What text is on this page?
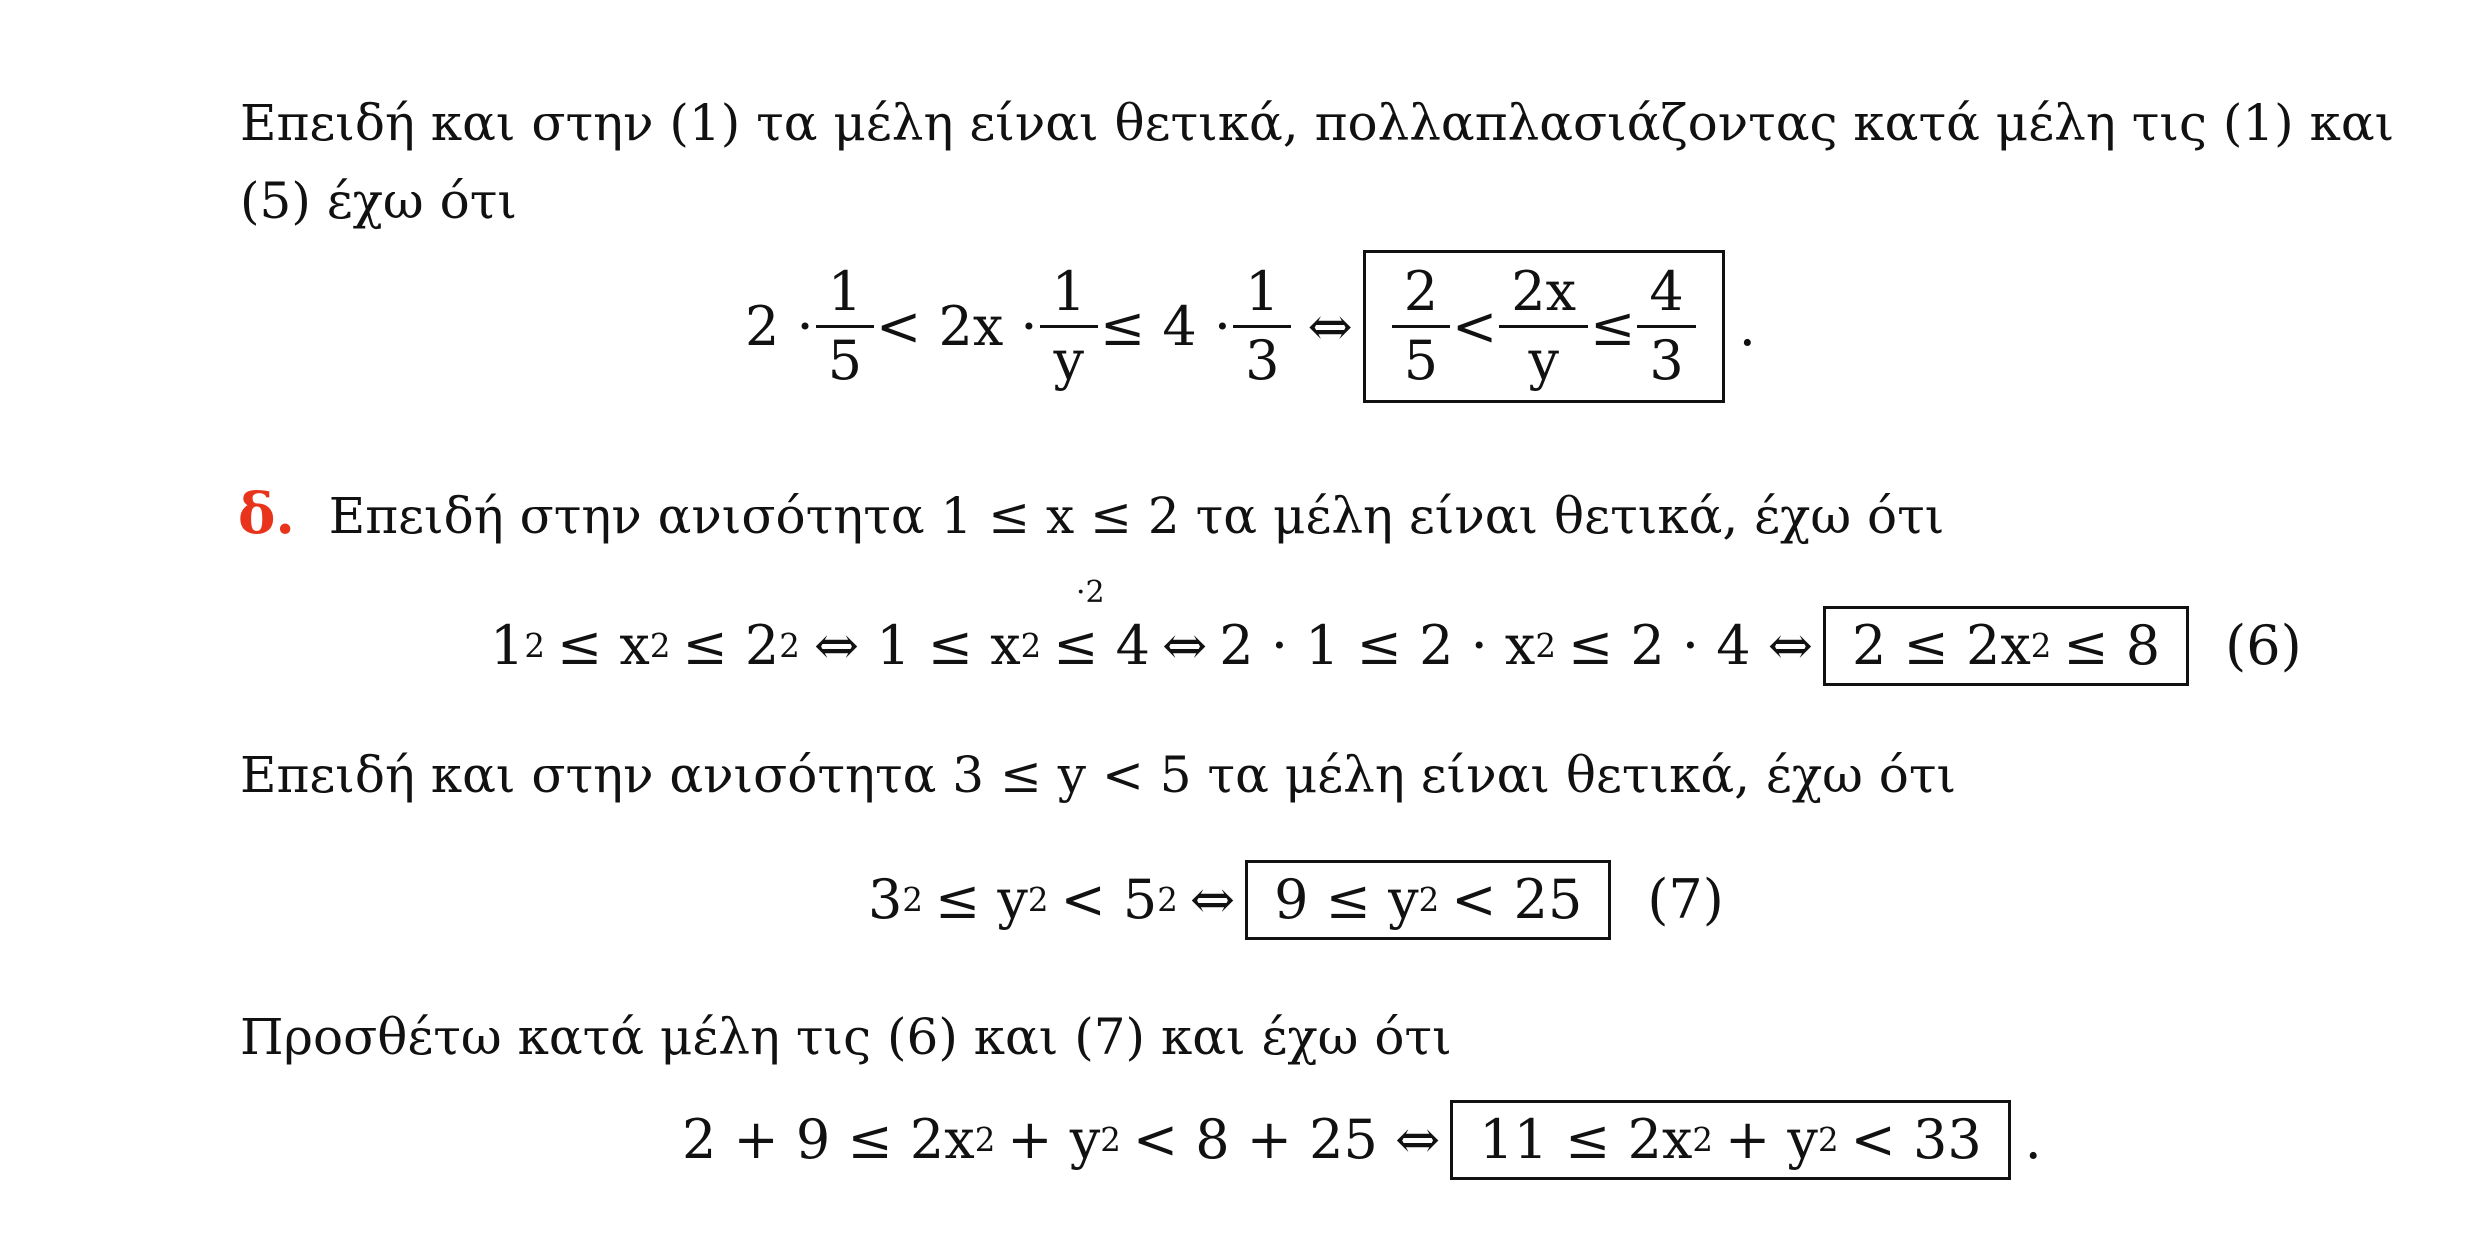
Επειδή και στην (1) τα μέλη είναι θετικά, πολλαπλασιάζοντας κατά μέλη τις (1) και
(5) έχω ότι
$2 \cdot \frac{1}{5} < 2x \cdot \frac{1}{y} \le 4 \cdot \frac{1}{3}$ ⇔ $\frac{2}{5} < \frac{2x}{y} \le \frac{4}{3}$ .
δ. Επειδή στην ανισότητα 1 ≤ x ≤ 2 τα μέλη είναι θετικά, έχω ότι
·2
1 2 ≤ x 2 ≤ 2 2 ⇔ 1 ≤ x 2 ≤ 4 ⇔ 2 · 1 ≤ 2 · x 2 ≤ 2 · 4 ⇔ 2 ≤ 2x 2 ≤ 8 (6)
Επειδή και στην ανισότητα 3 ≤ y < 5 τα μέλη είναι θετικά, έχω ότι
3 2 ≤ y 2 < 5 2 ⇔ 9 ≤ y 2 < 25 (7)
Προσθέτω κατά μέλη τις (6) και (7) και έχω ότι
2 + 9 ≤ 2x 2 + y 2 < 8 + 25 ⇔ 11 ≤ 2x 2 + y 2 < 33 .
